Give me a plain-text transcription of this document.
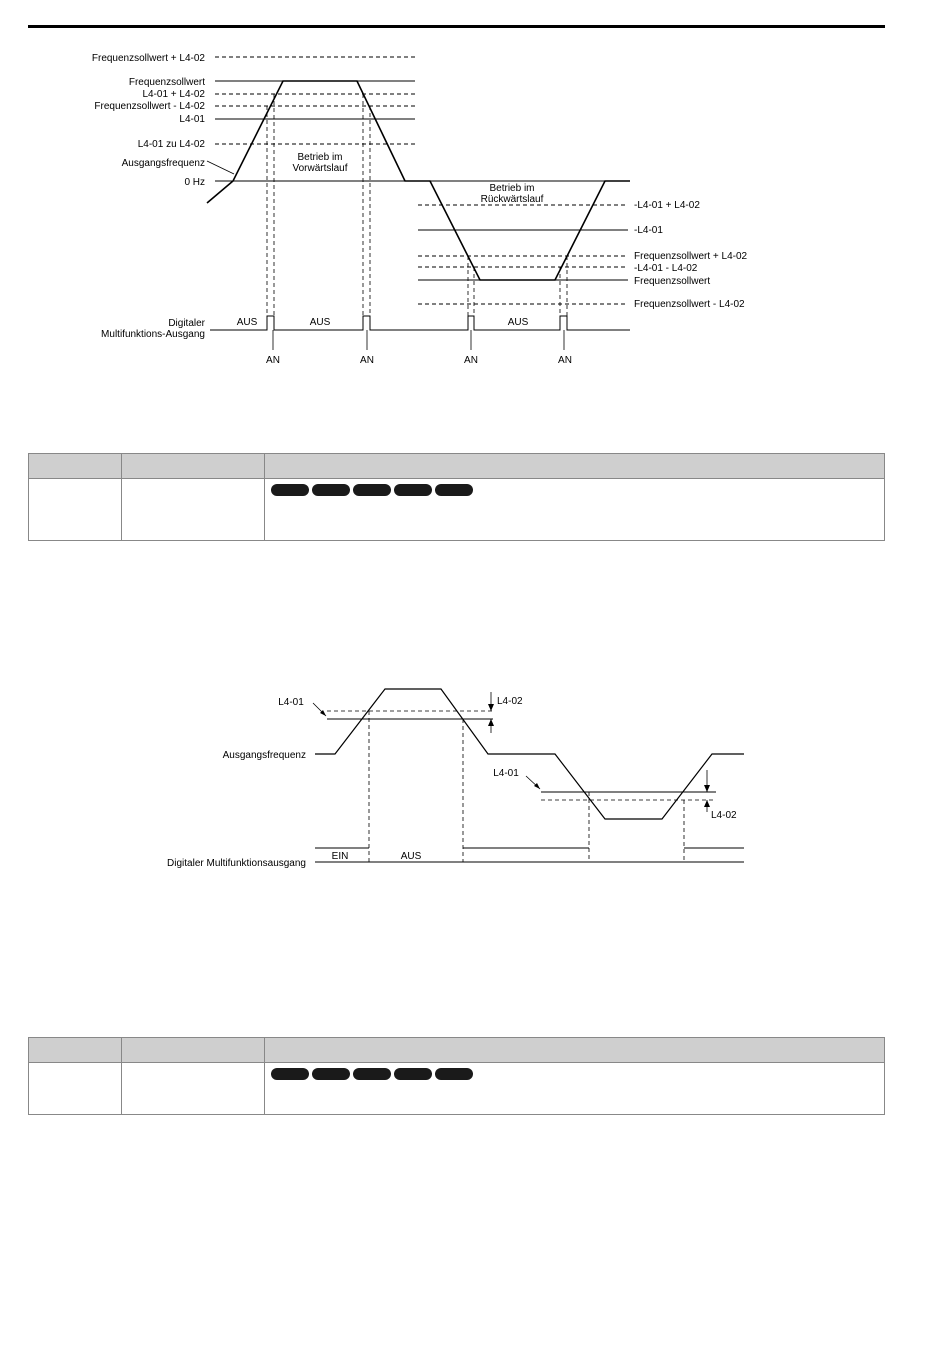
Frequenzsollwert + L4-02
Frequenzsollwert
L4-01 + L4-02
Frequenzsollwert - L4-02
L4-01
L4-01 zu L4-02
Ausgangsfrequenz
0 Hz
Betrieb im
Vorwärtslauf
Betrieb im
Rückwärtslauf
-L4-01 + L4-02
-L4-01
Frequenzsollwert + L4-02
-L4-01 - L4-02
Frequenzsollwert
Frequenzsollwert - L4-02
Digitaler
Multifunktions-Ausgang
AUS	AUS	AUS
AN	AN	AN	AN

L4-01	L4-02
L4-01
L4-02
Ausgangsfrequenz
EIN	AUS
Digitaler Multifunktionsausgang
